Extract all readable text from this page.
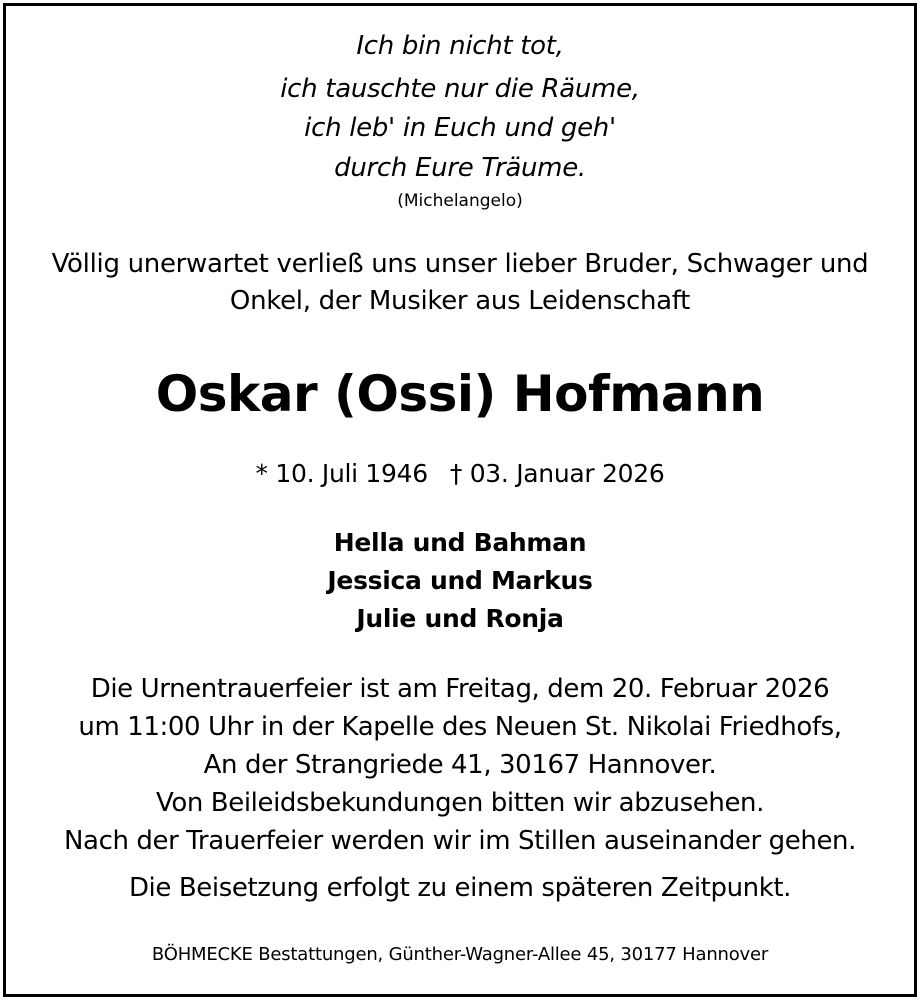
Ich bin nicht tot,
ich tauschte nur die Räume,
ich leb' in Euch und geh'
durch Eure Träume.
(Michelangelo)
Völlig unerwartet verließ uns unser lieber Bruder, Schwager und
Onkel, der Musiker aus Leidenschaft
Oskar (Ossi) Hofmann
* 10. Juli 1946 † 03. Januar 2026
Hella und Bahman
Jessica und Markus
Julie und Ronja
Die Urnentrauerfeier ist am Freitag, dem 20. Februar 2026
um 11:00 Uhr in der Kapelle des Neuen St. Nikolai Friedhofs,
An der Strangriede 41, 30167 Hannover.
Von Beileidsbekundungen bitten wir abzusehen.
Nach der Trauerfeier werden wir im Stillen auseinander gehen.
Die Beisetzung erfolgt zu einem späteren Zeitpunkt.
BÖHMECKE Bestattungen, Günther-Wagner-Allee 45, 30177 Hannover
